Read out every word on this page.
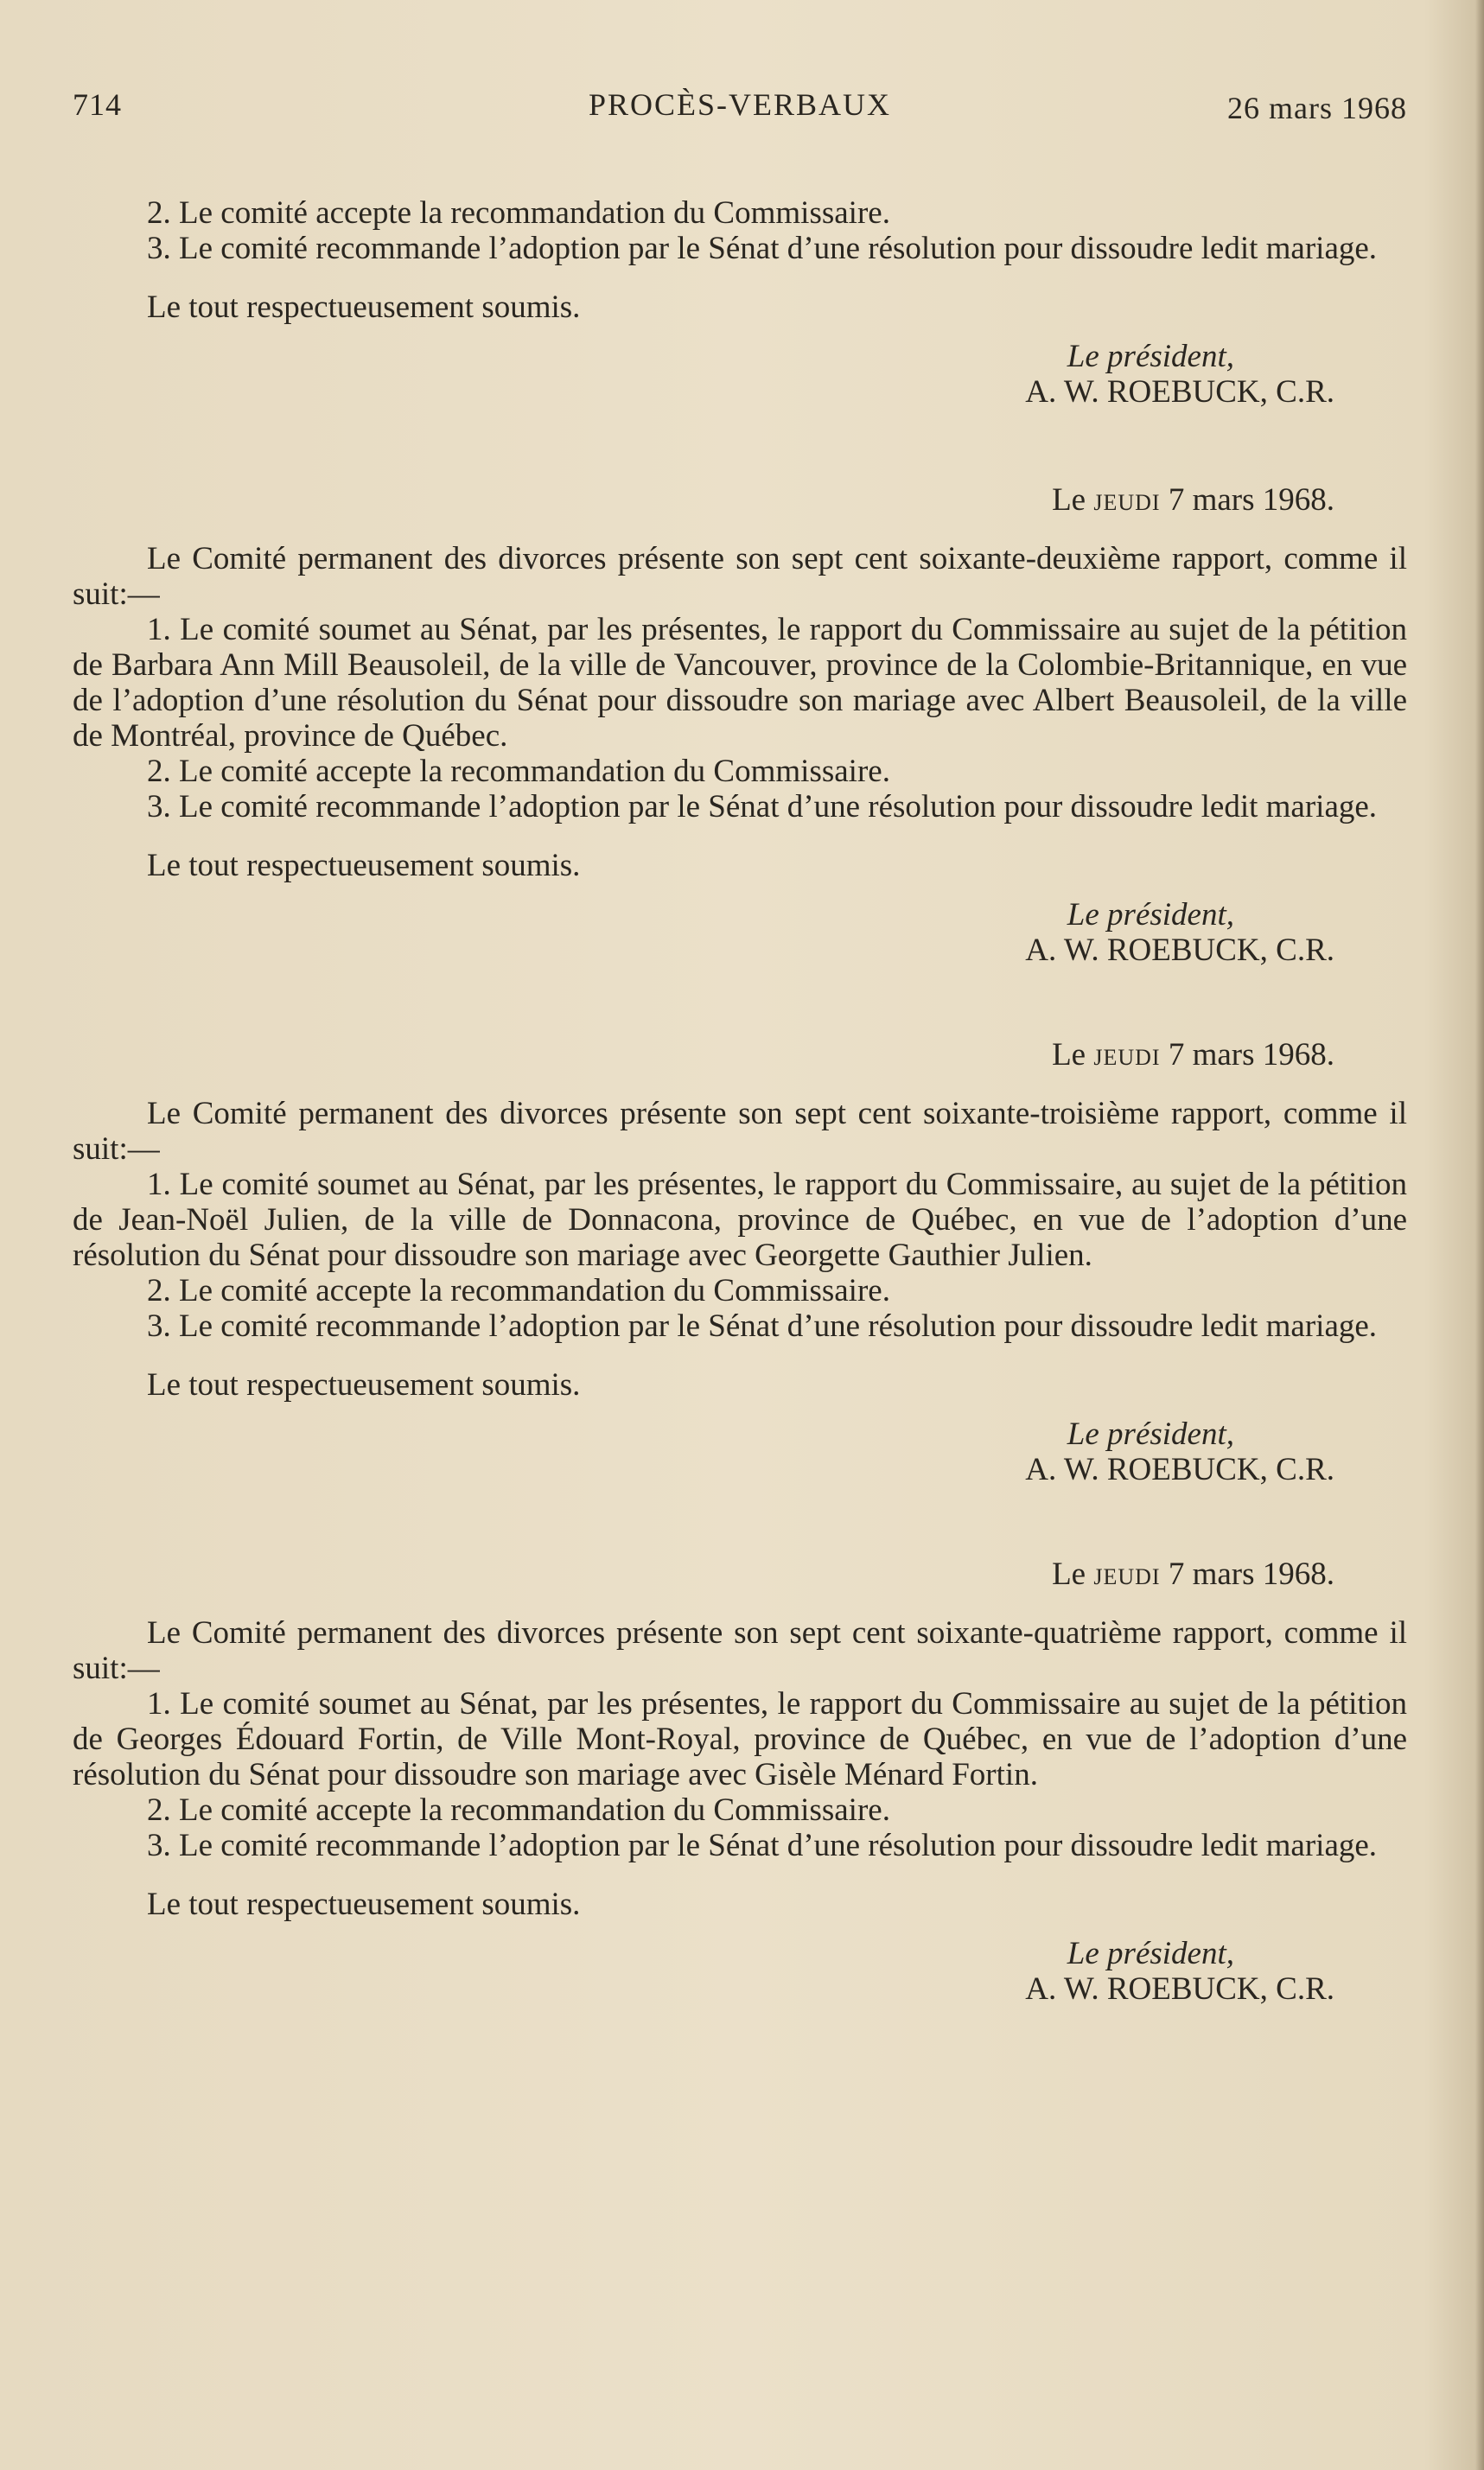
714	PROCÈS-VERBAUX	26 mars 1968

2. Le comité accepte la recommandation du Commissaire.

3. Le comité recommande l’adoption par le Sénat d’une résolution pour dissoudre ledit mariage.

Le tout respectueusement soumis.

Le président,

A. W. ROEBUCK, C.R.

Le jeudi 7 mars 1968.

Le Comité permanent des divorces présente son sept cent soixante-deuxième rapport, comme il suit:—

1. Le comité soumet au Sénat, par les présentes, le rapport du Commissaire au sujet de la pétition de Barbara Ann Mill Beausoleil, de la ville de Vancouver, province de la Colombie-Britannique, en vue de l’adoption d’une résolution du Sénat pour dissoudre son mariage avec Albert Beausoleil, de la ville de Montréal, province de Québec.

2. Le comité accepte la recommandation du Commissaire.

3. Le comité recommande l’adoption par le Sénat d’une résolution pour dissoudre ledit mariage.

Le tout respectueusement soumis.

Le président,

A. W. ROEBUCK, C.R.

Le jeudi 7 mars 1968.

Le Comité permanent des divorces présente son sept cent soixante-troisième rapport, comme il suit:—

1. Le comité soumet au Sénat, par les présentes, le rapport du Commissaire, au sujet de la pétition de Jean-Noël Julien, de la ville de Donnacona, province de Québec, en vue de l’adoption d’une résolution du Sénat pour dissoudre son mariage avec Georgette Gauthier Julien.

2. Le comité accepte la recommandation du Commissaire.

3. Le comité recommande l’adoption par le Sénat d’une résolution pour dissoudre ledit mariage.

Le tout respectueusement soumis.

Le président,

A. W. ROEBUCK, C.R.

Le jeudi 7 mars 1968.

Le Comité permanent des divorces présente son sept cent soixante-quatrième rapport, comme il suit:—

1. Le comité soumet au Sénat, par les présentes, le rapport du Commissaire au sujet de la pétition de Georges Édouard Fortin, de Ville Mont-Royal, province de Québec, en vue de l’adoption d’une résolution du Sénat pour dissoudre son mariage avec Gisèle Ménard Fortin.

2. Le comité accepte la recommandation du Commissaire.

3. Le comité recommande l’adoption par le Sénat d’une résolution pour dissoudre ledit mariage.

Le tout respectueusement soumis.

Le président,

A. W. ROEBUCK, C.R.
